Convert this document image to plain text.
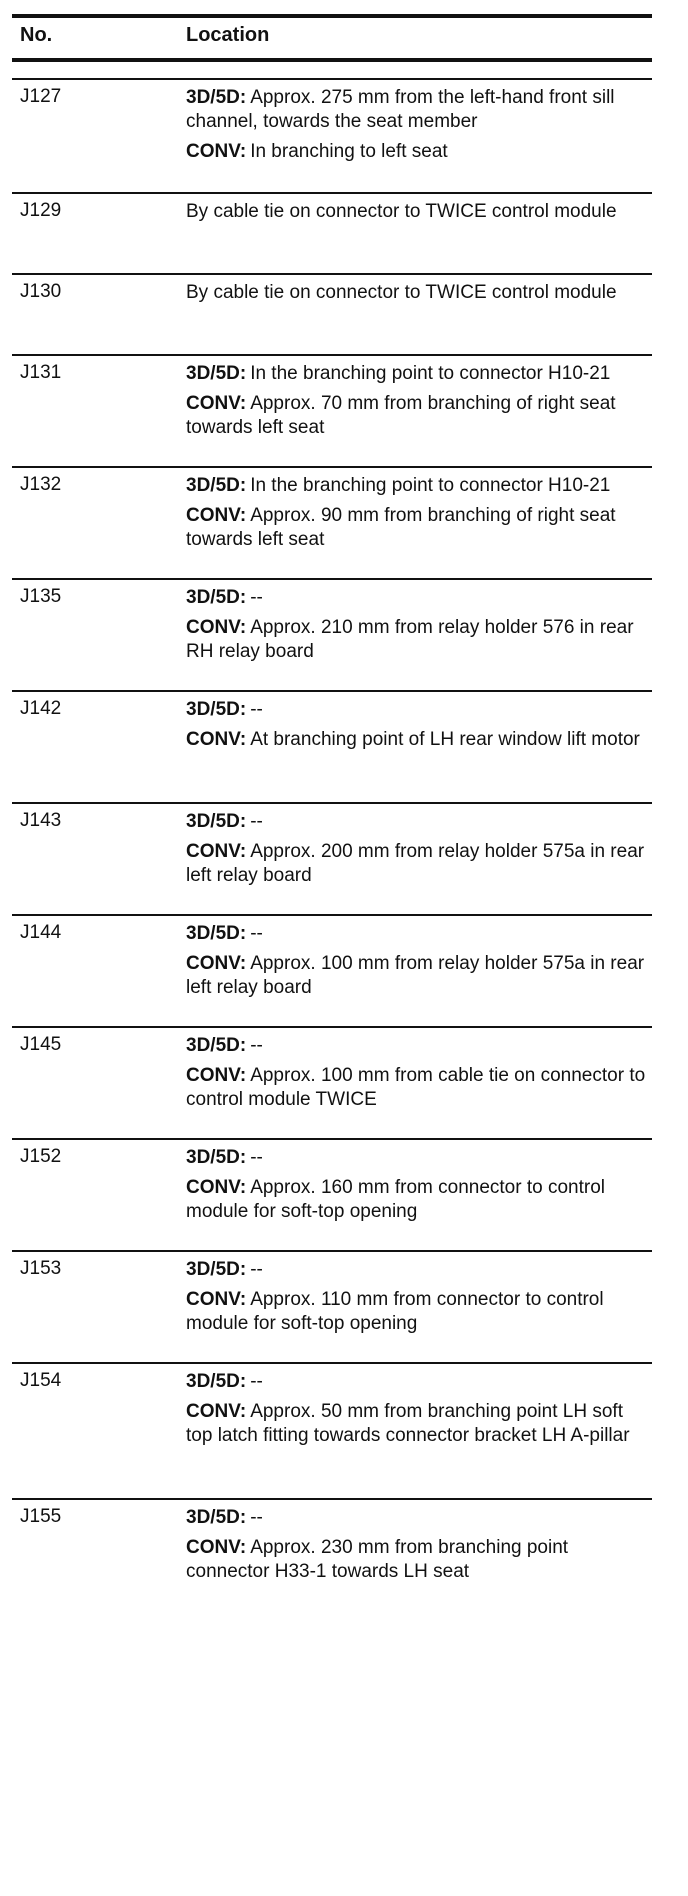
No.	Location
J127	3D/5D: Approx. 275 mm from the left-hand front sill channel, towards the seat member
CONV: In branching to left seat
J129	By cable tie on connector to TWICE control module
J130	By cable tie on connector to TWICE control module
J131	3D/5D: In the branching point to connector H10-21
CONV: Approx. 70 mm from branching of right seat towards left seat
J132	3D/5D: In the branching point to connector H10-21
CONV: Approx. 90 mm from branching of right seat towards left seat
J135	3D/5D: --
CONV: Approx. 210 mm from relay holder 576 in rear RH relay board
J142	3D/5D: --
CONV: At branching point of LH rear window lift motor
J143	3D/5D: --
CONV: Approx. 200 mm from relay holder 575a in rear left relay board
J144	3D/5D: --
CONV: Approx. 100 mm from relay holder 575a in rear left relay board
J145	3D/5D: --
CONV: Approx. 100 mm from cable tie on connector to control module TWICE
J152	3D/5D: --
CONV: Approx. 160 mm from connector to control module for soft-top opening
J153	3D/5D: --
CONV: Approx. 110 mm from connector to control module for soft-top opening
J154	3D/5D: --
CONV: Approx. 50 mm from branching point LH soft top latch fitting towards connector bracket LH A-pillar
J155	3D/5D: --
CONV: Approx. 230 mm from branching point connector H33-1 towards LH seat
